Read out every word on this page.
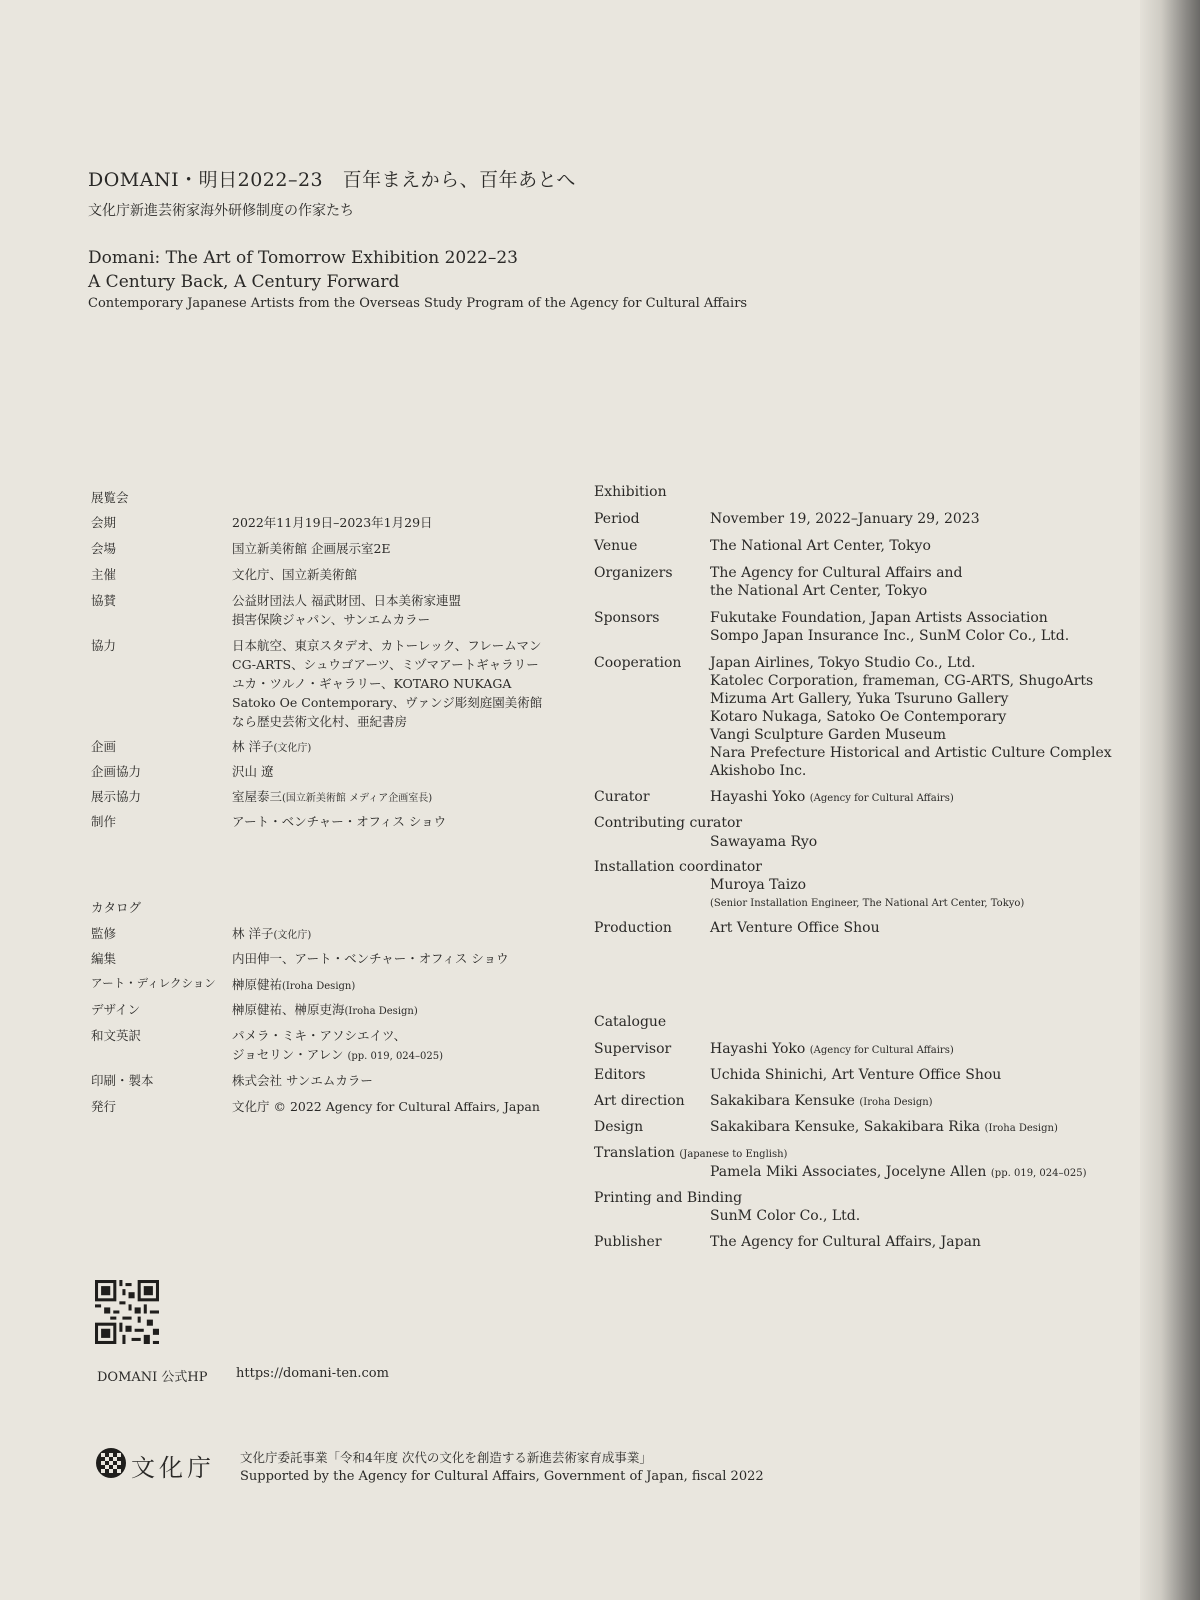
DOMANI・明日2022–23　百年まえから、百年あとへ
文化庁新進芸術家海外研修制度の作家たち
Domani: The Art of Tomorrow Exhibition 2022–23
A Century Back, A Century Forward
Contemporary Japanese Artists from the Overseas Study Program of the Agency for Cultural Affairs
展覧会
会期	2022年11月19日–2023年1月29日
会場	国立新美術館 企画展示室2E
主催	文化庁、国立新美術館
協賛	公益財団法人 福武財団、日本美術家連盟
損害保険ジャパン、サンエムカラー
協力	日本航空、東京スタデオ、カトーレック、フレームマン
CG-ARTS、シュウゴアーツ、ミヅマアートギャラリー
ユカ・ツルノ・ギャラリー、KOTARO NUKAGA
Satoko Oe Contemporary、ヴァンジ彫刻庭園美術館
なら歴史芸術文化村、亜紀書房
企画	林 洋子(文化庁)
企画協力	沢山 遼
展示協力	室屋泰三(国立新美術館 メディア企画室長)
制作	アート・ベンチャー・オフィス ショウ
カタログ
監修	林 洋子(文化庁)
編集	内田伸一、アート・ベンチャー・オフィス ショウ
アート・ディレクション 榊原健祐(Iroha Design)
デザイン	榊原健祐、榊原吏海(Iroha Design)
和文英訳	パメラ・ミキ・アソシエイツ、
ジョセリン・アレン (pp. 019, 024–025)
印刷・製本	株式会社 サンエムカラー
発行	文化庁 © 2022 Agency for Cultural Affairs, Japan
Exhibition
Period	November 19, 2022–January 29, 2023
Venue	The National Art Center, Tokyo
Organizers	The Agency for Cultural Affairs and
the National Art Center, Tokyo
Sponsors	Fukutake Foundation, Japan Artists Association
Sompo Japan Insurance Inc., SunM Color Co., Ltd.
Cooperation Japan Airlines, Tokyo Studio Co., Ltd.
Katolec Corporation, frameman, CG-ARTS, ShugoArts
Mizuma Art Gallery, Yuka Tsuruno Gallery
Kotaro Nukaga, Satoko Oe Contemporary
Vangi Sculpture Garden Museum
Nara Prefecture Historical and Artistic Culture Complex
Akishobo Inc.
Curator	Hayashi Yoko (Agency for Cultural Affairs)
Contributing curator
Sawayama Ryo
Installation coordinator
Muroya Taizo
(Senior Installation Engineer, The National Art Center, Tokyo)
Production	Art Venture Office Shou
Catalogue
Supervisor	Hayashi Yoko (Agency for Cultural Affairs)
Editors	Uchida Shinichi, Art Venture Office Shou
Art direction Sakakibara Kensuke (Iroha Design)
Design	Sakakibara Kensuke, Sakakibara Rika (Iroha Design)
Translation (Japanese to English)
Pamela Miki Associates, Jocelyne Allen (pp. 019, 024–025)
Printing and Binding
SunM Color Co., Ltd.
Publisher	The Agency for Cultural Affairs, Japan
DOMANI 公式HP https://domani-ten.com
文化庁 文化庁委託事業「令和4年度 次代の文化を創造する新進芸術家育成事業」
Supported by the Agency for Cultural Affairs, Government of Japan, fiscal 2022
